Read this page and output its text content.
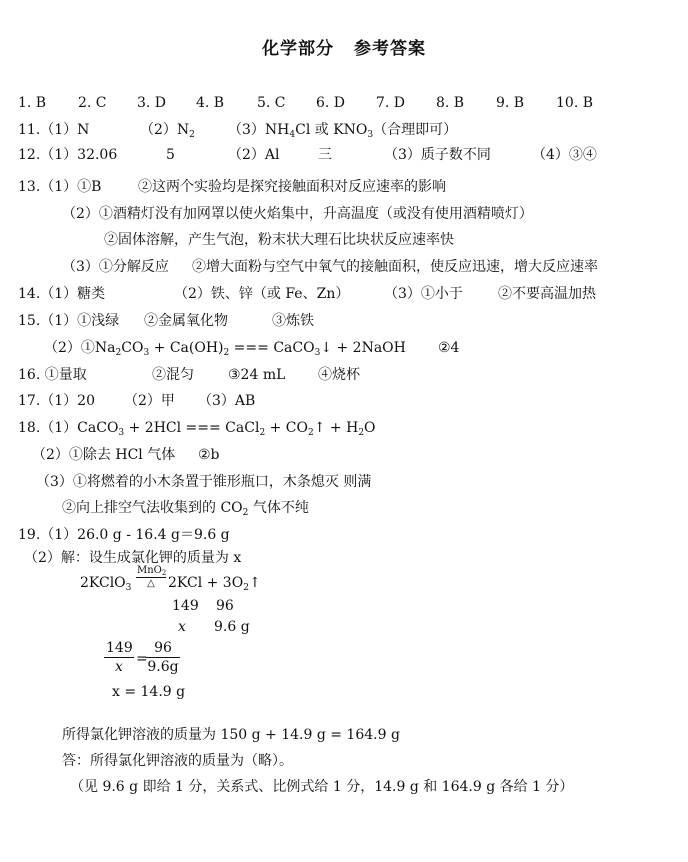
化学部分 参考答案
1. B 2. C 3. D 4. B 5. C 6. D 7. D 8. B 9. B 10. B
11.（1）N	$(2)N_2$ $(3)NH_4Cl$ 或 $KNO_3$（合理即可）
12.（1）32.06	5	（2）Al	三	（3）质子数不同	（4）③④
13.（1）①B	②这两个实验均是探究接触面积对反应速率的影响
（2）①酒精灯没有加网罩以使火焰集中，升高温度（或没有使用酒精喷灯）
②固体溶解，产生气泡，粉末状大理石比块状反应速率快
（3）①分解反应 ②增大面粉与空气中氧气的接触面积，使反应迅速，增大反应速率
14.（1）糖类	（2）铁、锌（或 Fe、Zn） （3）①小于	②不要高温加热
15.（1）①浅绿 ②金属氧化物	③炼铁
$(2)①Na_2CO_3 + Ca(OH)_2$ === CaCO$_3$↓ + 2NaOH ②4
16. ①量取	②混匀 ③24 mL ④烧杯
17.（1）20 （2）甲 （3）AB
18.（1）CaCO$_3$ + 2HCl === CaCl$_2$ + $CO_2↑ + H_2O$
（2）①除去 HCl 气体 ②b
（3）①将燃着的小木条置于锥形瓶口，木条熄灭 则满
②向上排空气法收集到的 $CO_2$ 气体不纯
19.（1）26.0 g - 16.4 g＝9.6 g
（2）解：设生成氯化钾的质量为 x
2KClO$_3$
MnO$_2$
△ $2KCl + 3O_2↑$
149 96
x 9.6 g
$\frac{149}{x}$ =
$\frac{96}{9.6g}$
x = 14.9 g
所得氯化钾溶液的质量为 150 g + 14.9 g = 164.9 g
答：所得氯化钾溶液的质量为（略）。
（见 9.6 g 即给 1 分，关系式、比例式给 1 分，14.9 g 和 164.9 g 各给 1 分）
